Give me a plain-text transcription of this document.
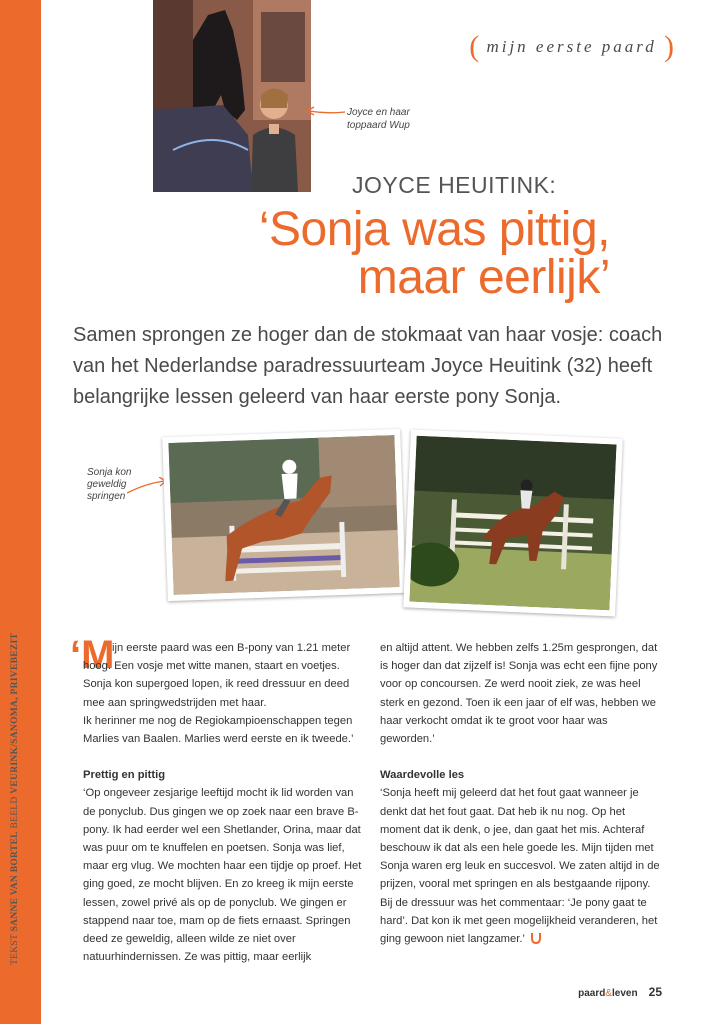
TEKST SANNE VAN BORTEL BEELD VEURINK/SANOMA, PRIVEBEZIT
( mijn eerste paard )
Joyce en haar
toppaard Wup
JOYCE HEUITINK:
‘Sonja was pittig,
maar eerlijk’
Samen sprongen ze hoger dan de stokmaat van haar vosje: coach van het Nederlandse paradressuurteam Joyce Heuitink (32) heeft belangrijke lessen geleerd van haar eerste pony Sonja.
Sonja kon
geweldig
springen
‘M

ijn eerste paard was een B-pony van 1.21 meter hoog. Een vosje met witte manen, staart en voetjes. Sonja kon supergoed lopen, ik reed dressuur en deed mee aan springwedstrijden met haar.

Ik herinner me nog de Regiokampioenschappen tegen Marlies van Baalen. Marlies werd eerste en ik tweede.’

Prettig en pittig

‘Op ongeveer zesjarige leeftijd mocht ik lid worden van de ponyclub. Dus gingen we op zoek naar een brave B-pony. Ik had eerder wel een Shetlander, Orina, maar dat was puur om te knuffelen en poetsen. Sonja was lief, maar erg vlug. We mochten haar een tijdje op proef. Het ging goed, ze mocht blijven. En zo kreeg ik mijn eerste lessen, zowel privé als op de ponyclub. We gingen er stappend naar toe, mam op de fiets ernaast. Springen deed ze geweldig, alleen wilde ze niet over natuurhindernissen. Ze was pittig, maar eerlijk

en altijd attent. We hebben zelfs 1.25m gesprongen, dat is hoger dan dat zijzelf is! Sonja was echt een fijne pony voor op concoursen. Ze werd nooit ziek, ze was heel sterk en gezond. Toen ik een jaar of elf was, hebben we haar verkocht omdat ik te groot voor haar was geworden.’

Waardevolle les

‘Sonja heeft mij geleerd dat het fout gaat wanneer je denkt dat het fout gaat. Dat heb ik nu nog. Op het moment dat ik denk, o jee, dan gaat het mis. Achteraf beschouw ik dat als een hele goede les. Mijn tijden met Sonja waren erg leuk en succesvol. We zaten altijd in de prijzen, vooral met springen en als bestgaande rijpony. Bij de dressuur was het commentaar: ‘Je pony gaat te hard’. Dat kon ik met geen mogelijkheid veranderen, het ging gewoon niet langzamer.’

paard&leven 25
